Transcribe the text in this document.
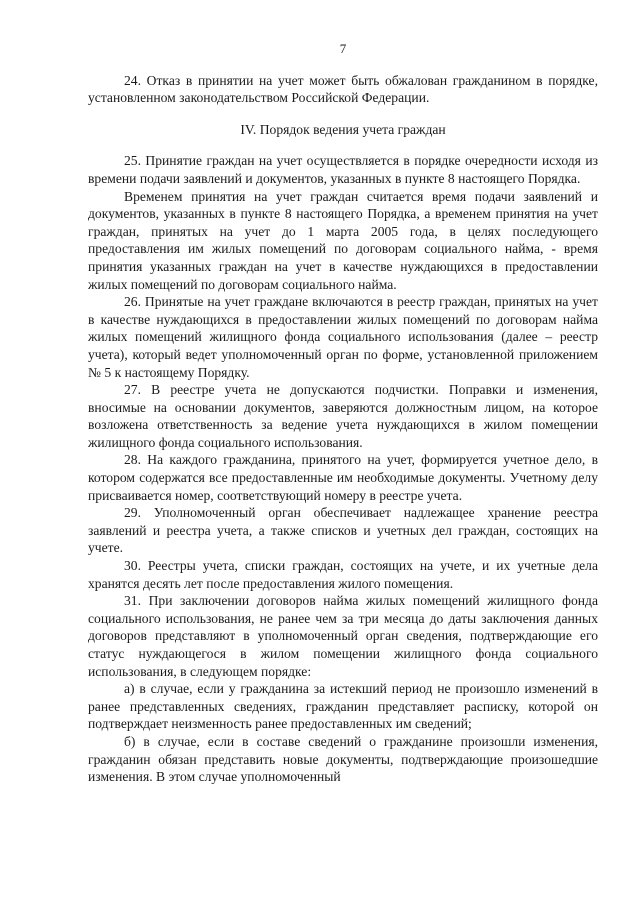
7

24. Отказ в принятии на учет может быть обжалован гражданином в порядке, установленном законодательством Российской Федерации.

IV. Порядок ведения учета граждан

25. Принятие граждан на учет осуществляется в порядке очередности исходя из времени подачи заявлений и документов, указанных в пункте 8 настоящего Порядка.

Временем принятия на учет граждан считается время подачи заявлений и документов, указанных в пункте 8 настоящего Порядка, а временем принятия на учет граждан, принятых на учет до 1 марта 2005 года, в целях последующего предоставления им жилых помещений по договорам социального найма, - время принятия указанных граждан на учет в качестве нуждающихся в предоставлении жилых помещений по договорам социального найма.

26. Принятые на учет граждане включаются в реестр граждан, принятых на учет в качестве нуждающихся в предоставлении жилых помещений по договорам найма жилых помещений жилищного фонда социального использования (далее – реестр учета), который ведет уполномоченный орган по форме, установленной приложением № 5 к настоящему Порядку.

27. В реестре учета не допускаются подчистки. Поправки и изменения, вносимые на основании документов, заверяются должностным лицом, на которое возложена ответственность за ведение учета нуждающихся в жилом помещении жилищного фонда социального использования.

28. На каждого гражданина, принятого на учет, формируется учетное дело, в котором содержатся все предоставленные им необходимые документы. Учетному делу присваивается номер, соответствующий номеру в реестре учета.

29. Уполномоченный орган обеспечивает надлежащее хранение реестра заявлений и реестра учета, а также списков и учетных дел граждан, состоящих на учете.

30. Реестры учета, списки граждан, состоящих на учете, и их учетные дела хранятся десять лет после предоставления жилого помещения.

31. При заключении договоров найма жилых помещений жилищного фонда социального использования, не ранее чем за три месяца до даты заключения данных договоров представляют в уполномоченный орган сведения, подтверждающие его статус нуждающегося в жилом помещении жилищного фонда социального использования, в следующем порядке:

а) в случае, если у гражданина за истекший период не произошло изменений в ранее представленных сведениях, гражданин представляет расписку, которой он подтверждает неизменность ранее предоставленных им сведений;

б) в случае, если в составе сведений о гражданине произошли изменения, гражданин обязан представить новые документы, подтверждающие произошедшие изменения. В этом случае уполномоченный
